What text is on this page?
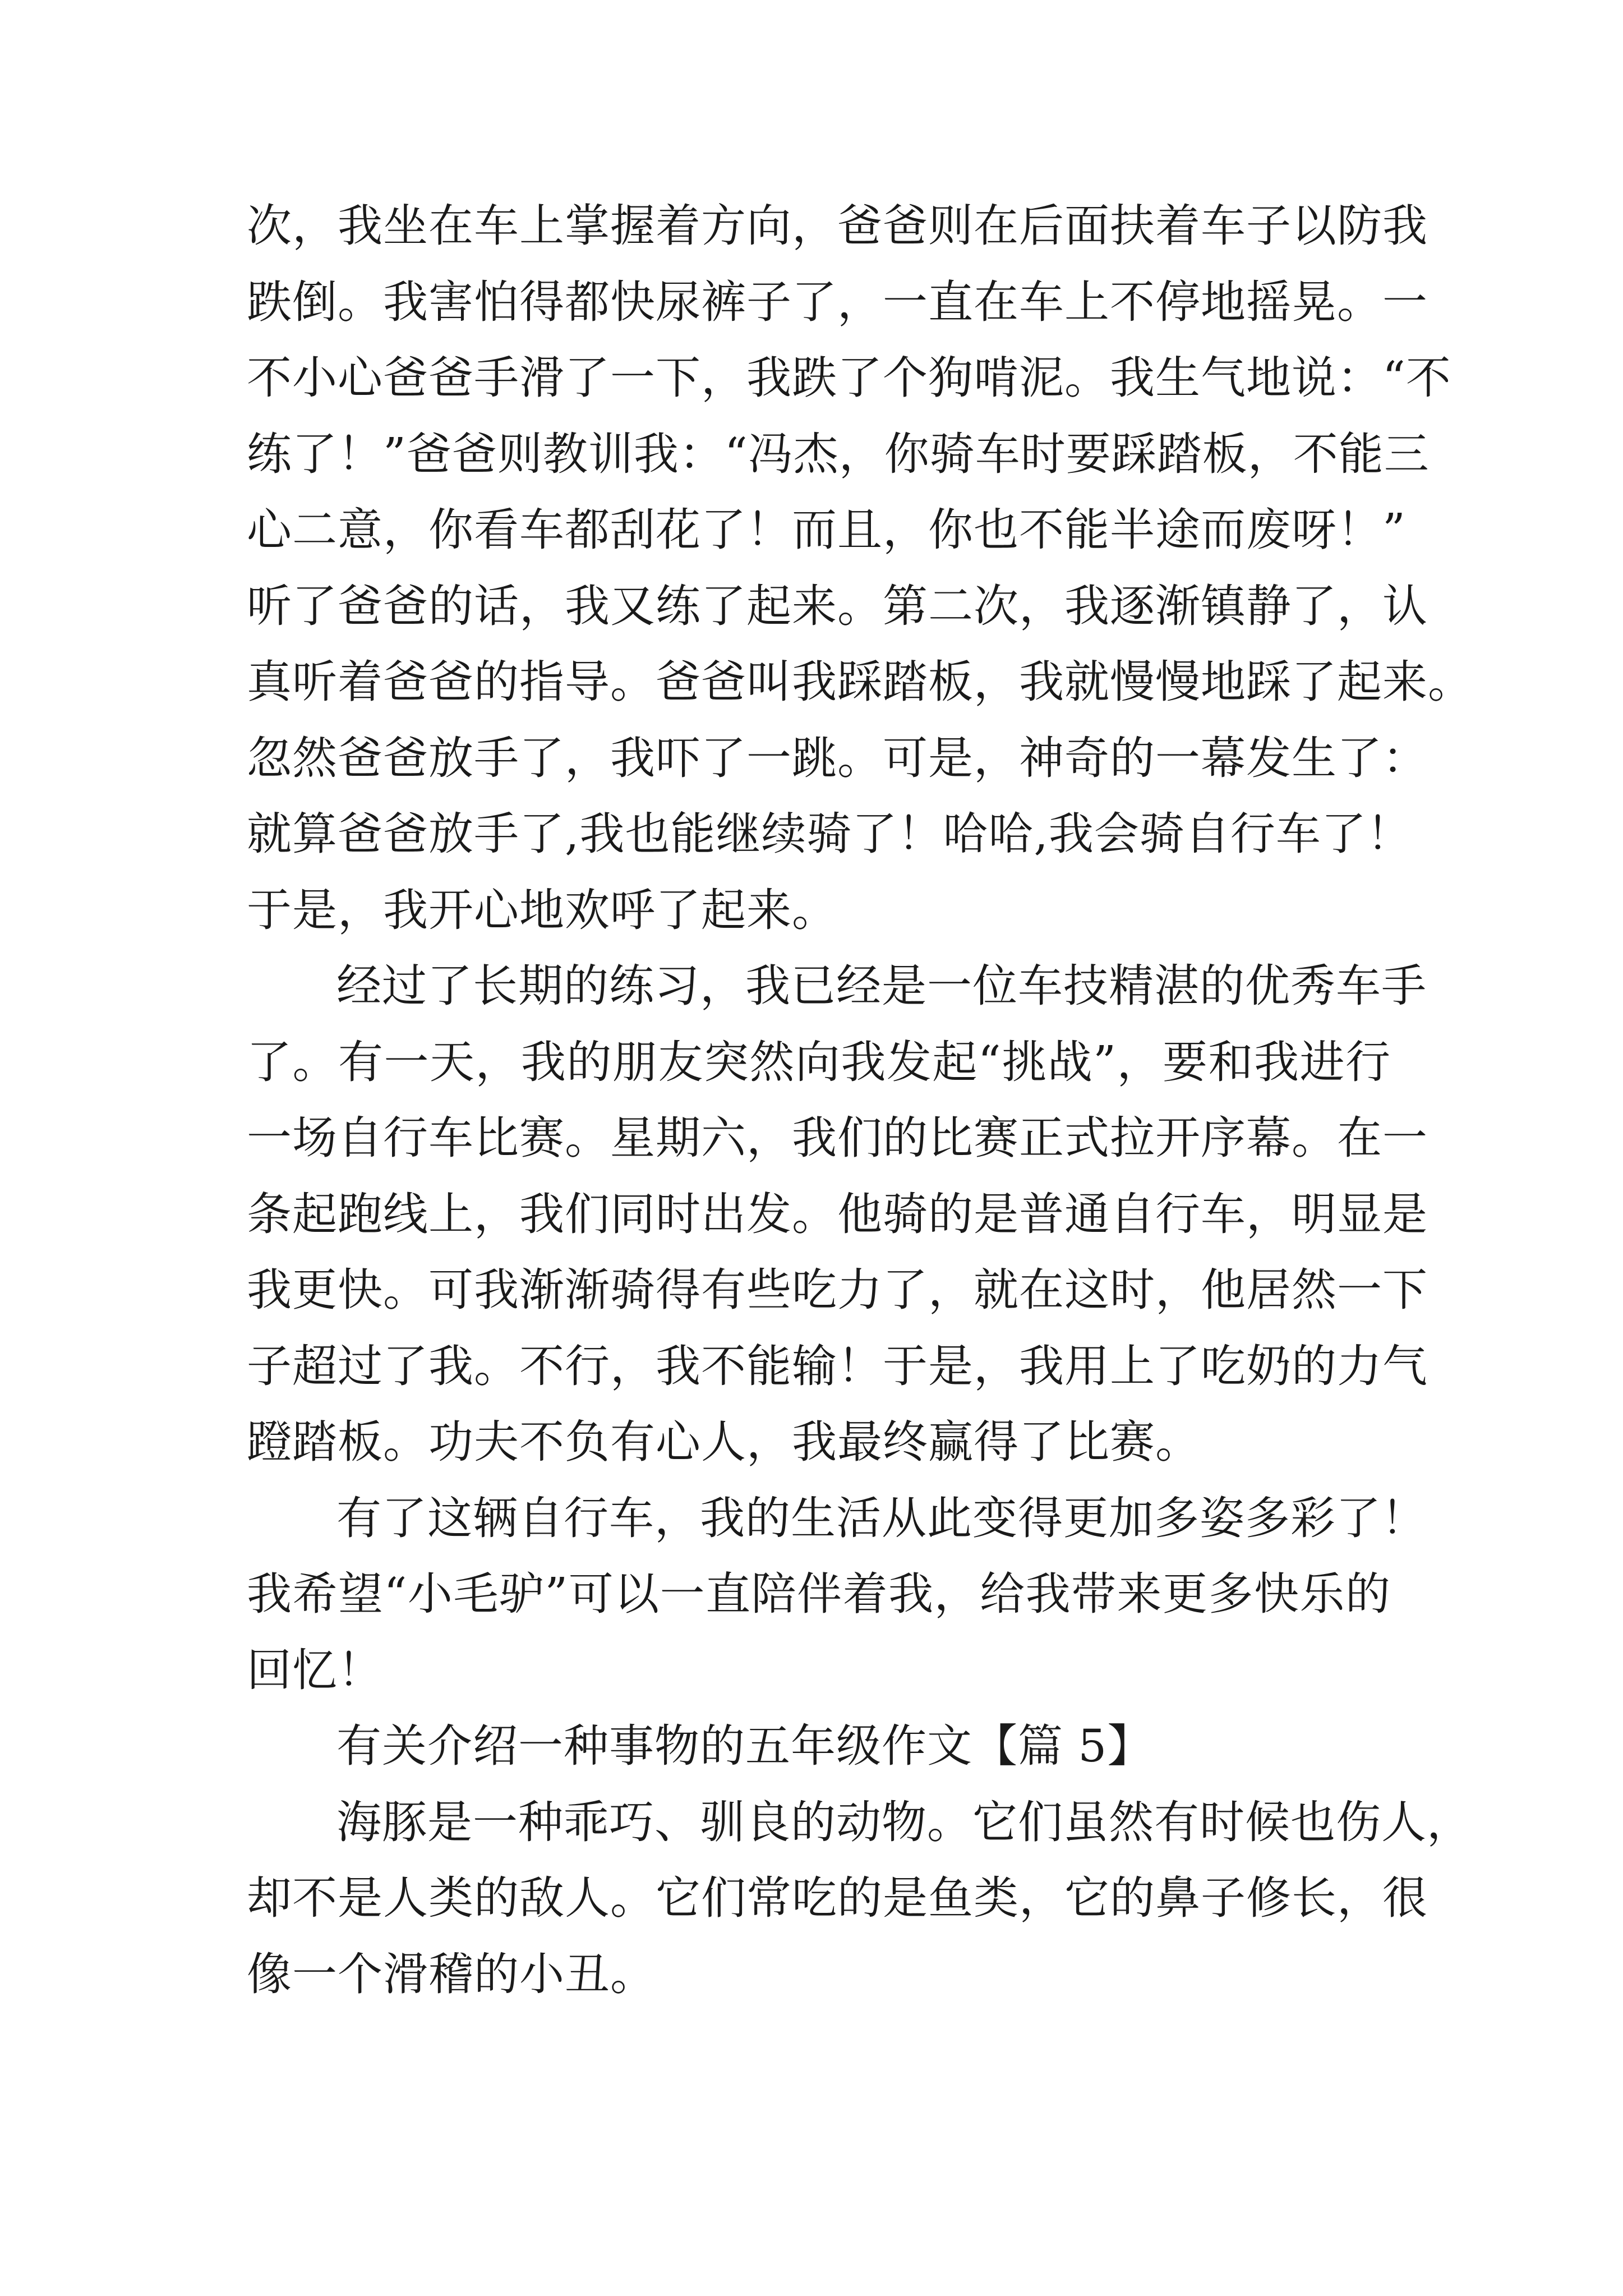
次，我坐在车上掌握着方向，爸爸则在后面扶着车子以防我
跌倒。我害怕得都快尿裤子了，一直在车上不停地摇晃。一
不小心爸爸手滑了一下，我跌了个狗啃泥。我生气地说：“不
练了！”爸爸则教训我：“冯杰，你骑车时要踩踏板，不能三
心二意，你看车都刮花了！而且，你也不能半途而废呀！”
听了爸爸的话，我又练了起来。第二次，我逐渐镇静了，认
真听着爸爸的指导。爸爸叫我踩踏板，我就慢慢地踩了起来。
忽然爸爸放手了，我吓了一跳。可是，神奇的一幕发生了：
就算爸爸放手了,我也能继续骑了！哈哈,我会骑自行车了！
于是，我开心地欢呼了起来。
经过了长期的练习，我已经是一位车技精湛的优秀车手
了。有一天，我的朋友突然向我发起“挑战”，要和我进行
一场自行车比赛。星期六，我们的比赛正式拉开序幕。在一
条起跑线上，我们同时出发。他骑的是普通自行车，明显是
我更快。可我渐渐骑得有些吃力了，就在这时，他居然一下
子超过了我。不行，我不能输！于是，我用上了吃奶的力气
蹬踏板。功夫不负有心人，我最终赢得了比赛。
有了这辆自行车，我的生活从此变得更加多姿多彩了！
我希望“小毛驴”可以一直陪伴着我，给我带来更多快乐的
回忆！
有关介绍一种事物的五年级作文【篇 5】
海豚是一种乖巧、驯良的动物。它们虽然有时候也伤人，
却不是人类的敌人。它们常吃的是鱼类，它的鼻子修长，很
像一个滑稽的小丑。
